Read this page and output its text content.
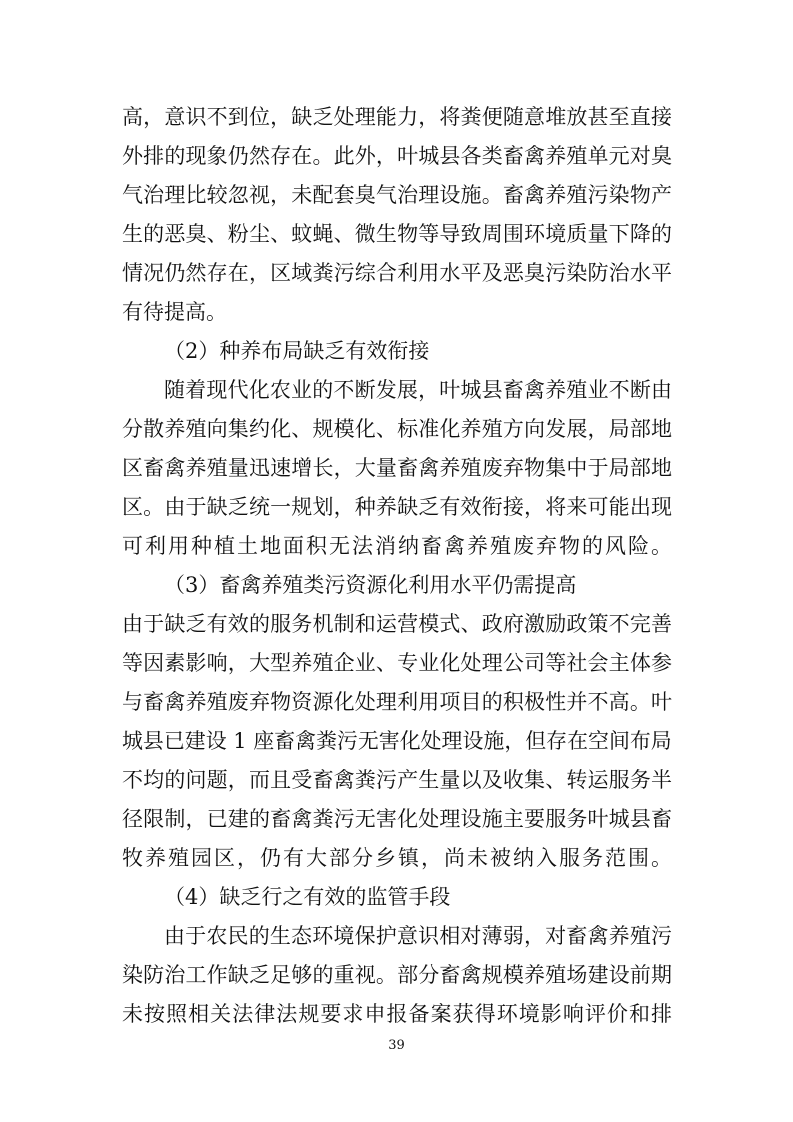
高，意识不到位，缺乏处理能力，将粪便随意堆放甚至直接
外排的现象仍然存在。此外，叶城县各类畜禽养殖单元对臭
气治理比较忽视，未配套臭气治理设施。畜禽养殖污染物产
生的恶臭、粉尘、蚊蝇、微生物等导致周围环境质量下降的
情况仍然存在，区域粪污综合利用水平及恶臭污染防治水平
有待提高。
（2）种养布局缺乏有效衔接
随着现代化农业的不断发展，叶城县畜禽养殖业不断由
分散养殖向集约化、规模化、标准化养殖方向发展，局部地
区畜禽养殖量迅速增长，大量畜禽养殖废弃物集中于局部地
区。由于缺乏统一规划，种养缺乏有效衔接，将来可能出现
可利用种植土地面积无法消纳畜禽养殖废弃物的风险。
（3）畜禽养殖类污资源化利用水平仍需提高
由于缺乏有效的服务机制和运营模式、政府激励政策不完善
等因素影响，大型养殖企业、专业化处理公司等社会主体参
与畜禽养殖废弃物资源化处理利用项目的积极性并不高。叶
城县已建设 1 座畜禽粪污无害化处理设施，但存在空间布局
不均的问题，而且受畜禽粪污产生量以及收集、转运服务半
径限制，已建的畜禽粪污无害化处理设施主要服务叶城县畜
牧养殖园区，仍有大部分乡镇，尚未被纳入服务范围。
（4）缺乏行之有效的监管手段
由于农民的生态环境保护意识相对薄弱，对畜禽养殖污
染防治工作缺乏足够的重视。部分畜禽规模养殖场建设前期
未按照相关法律法规要求申报备案获得环境影响评价和排
39
